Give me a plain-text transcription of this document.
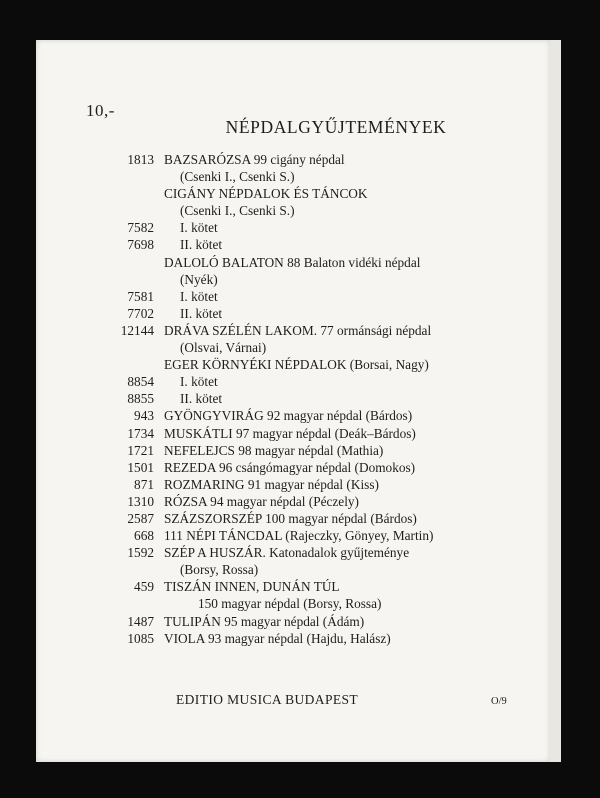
10,-
NÉPDALGYŰJTEMÉNYEK
1813 BAZSARÓZSA 99 cigány népdal
(Csenki I., Csenki S.)
CIGÁNY NÉPDALOK ÉS TÁNCOK
(Csenki I., Csenki S.)
7582 I. kötet
7698 II. kötet
DALOLÓ BALATON 88 Balaton vidéki népdal
(Nyék)
7581 I. kötet
7702 II. kötet
12144 DRÁVA SZÉLÉN LAKOM. 77 ormánsági népdal
(Olsvai, Várnai)
EGER KÖRNYÉKI NÉPDALOK (Borsai, Nagy)
8854 I. kötet
8855 II. kötet
943 GYÖNGYVIRÁG 92 magyar népdal (Bárdos)
1734 MUSKÁTLI 97 magyar népdal (Deák–Bárdos)
1721 NEFELEJCS 98 magyar népdal (Mathia)
1501 REZEDA 96 csángómagyar népdal (Domokos)
871 ROZMARING 91 magyar népdal (Kiss)
1310 RÓZSA 94 magyar népdal (Péczely)
2587 SZÁZSZORSZÉP 100 magyar népdal (Bárdos)
668 111 NÉPI TÁNCDAL (Rajeczky, Gönyey, Martin)
1592 SZÉP A HUSZÁR. Katonadalok gyűjteménye
(Borsy, Rossa)
459 TISZÁN INNEN, DUNÁN TÚL
150 magyar népdal (Borsy, Rossa)
1487 TULIPÁN 95 magyar népdal (Ádám)
1085 VIOLA 93 magyar népdal (Hajdu, Halász)
EDITIO MUSICA BUDAPEST	O/9
